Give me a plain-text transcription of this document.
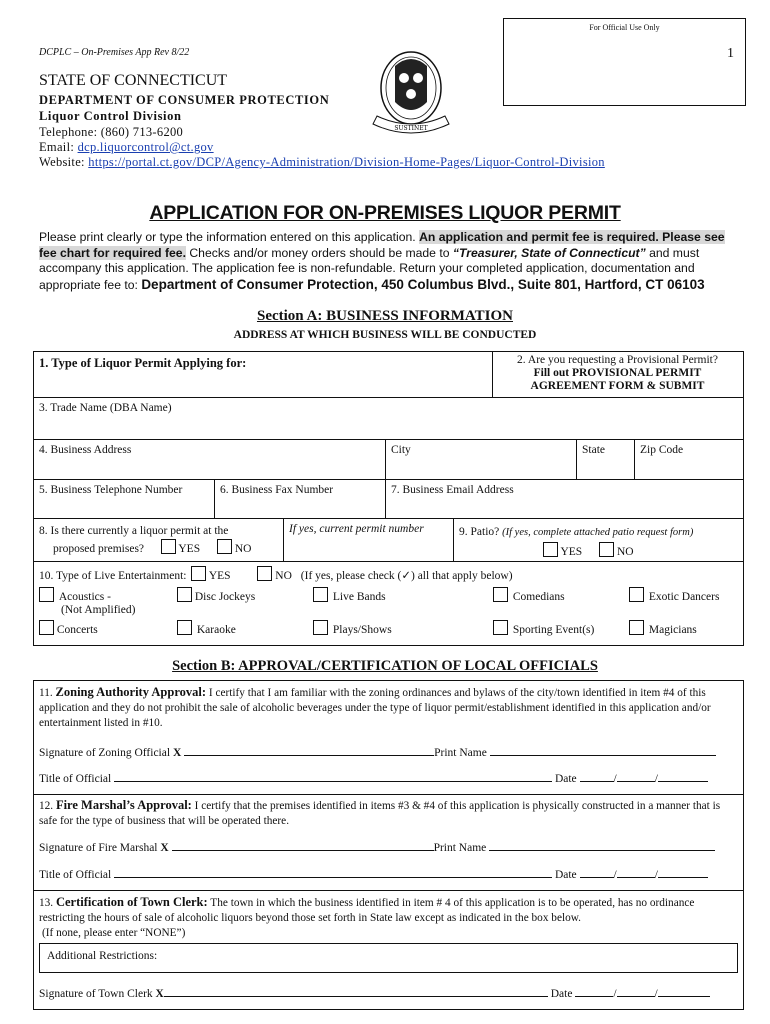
For Official Use Only
DCPLC – On-Premises App Rev 8/22	1
SUSTINET
STATE OF CONNECTICUT
DEPARTMENT OF CONSUMER PROTECTION
Liquor Control Division
Telephone: (860) 713-6200
Email: dcp.liquorcontrol@ct.gov
Website: https://portal.ct.gov/DCP/Agency-Administration/Division-Home-Pages/Liquor-Control-Division
APPLICATION FOR ON-PREMISES LIQUOR PERMIT
Please print clearly or type the information entered on this application. An application and permit fee is required. Please see fee chart for required fee. Checks and/or money orders should be made to “Treasurer, State of Connecticut” and must accompany this application. The application fee is non-refundable. Return your completed application, documentation and appropriate fee to: Department of Consumer Protection, 450 Columbus Blvd., Suite 801, Hartford, CT 06103
Section A: BUSINESS INFORMATION
ADDRESS AT WHICH BUSINESS WILL BE CONDUCTED
1. Type of Liquor Permit Applying for:	2. Are you requesting a Provisional Permit?
Fill out PROVISIONAL PERMIT
AGREEMENT FORM & SUBMIT
3. Trade Name (DBA Name)
4. Business Address	City	State	Zip Code
5. Business Telephone Number	6. Business Fax Number	7. Business Email Address
8. Is there currently a liquor permit at the
proposed premises?	YES	NO
If yes, current permit number	9. Patio? (If yes, complete attached patio request form)
YES	NO
10. Type of Live Entertainment: YES	NO (If yes, please check (✓) all that apply below)
Acoustics -
(Not Amplified)
Disc Jockeys	Live Bands	Comedians	Exotic Dancers
Concerts	Karaoke	Plays/Shows	Sporting Event(s)	Magicians
Section B: APPROVAL/CERTIFICATION OF LOCAL OFFICIALS
11. Zoning Authority Approval: I certify that I am familiar with the zoning ordinances and bylaws of the city/town identified in item #4 of this application and they do not prohibit the sale of alcoholic beverages under the type of liquor permit/establishment identified in this application and/or entertainment listed in #10.
Signature of Zoning Official X	Print Name
Title of Official	Date	/	/
12. Fire Marshal’s Approval: I certify that the premises identified in items #3 & #4 of this application is physically constructed in a manner that is safe for the type of business that will be operated there.
Signature of Fire Marshal X	Print Name
Title of Official	Date	/	/
13. Certification of Town Clerk: The town in which the business identified in item # 4 of this application is to be operated, has no ordinance restricting the hours of sale of alcoholic liquors beyond those set forth in State law except as indicated in the box below.
(If none, please enter “NONE”)
Additional Restrictions:
Signature of Town Clerk X	Date	/	/
